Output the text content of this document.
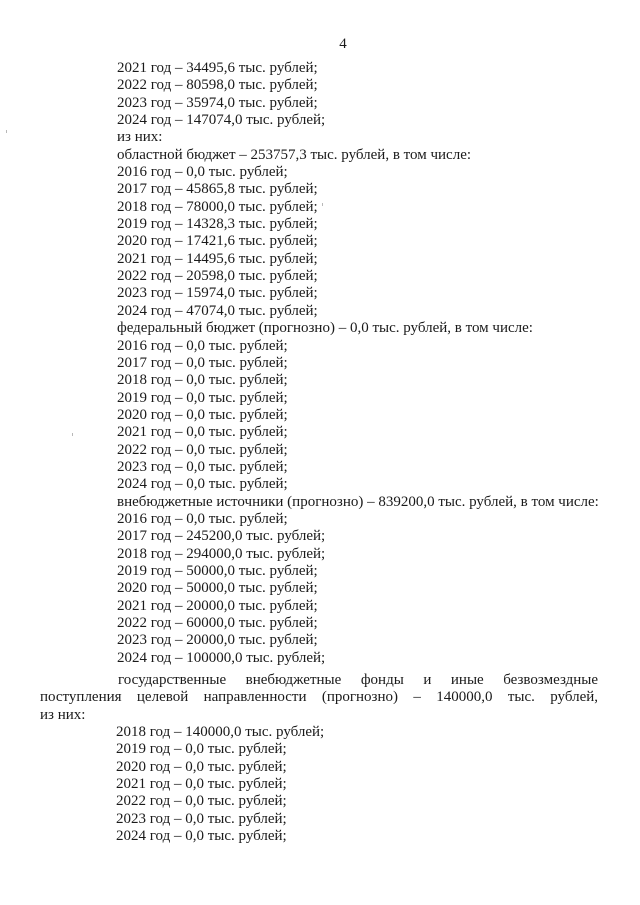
4
2021 год – 34495,6 тыс. рублей;
2022 год – 80598,0 тыс. рублей;
2023 год – 35974,0 тыс. рублей;
2024 год – 147074,0 тыс. рублей;
из них:
областной бюджет – 253757,3 тыс. рублей, в том числе:
2016 год – 0,0 тыс. рублей;
2017 год – 45865,8 тыс. рублей;
2018 год – 78000,0 тыс. рублей;
2019 год – 14328,3 тыс. рублей;
2020 год – 17421,6 тыс. рублей;
2021 год – 14495,6 тыс. рублей;
2022 год – 20598,0 тыс. рублей;
2023 год – 15974,0 тыс. рублей;
2024 год – 47074,0 тыс. рублей;
федеральный бюджет (прогнозно) – 0,0 тыс. рублей, в том числе:
2016 год – 0,0 тыс. рублей;
2017 год – 0,0 тыс. рублей;
2018 год – 0,0 тыс. рублей;
2019 год – 0,0 тыс. рублей;
2020 год – 0,0 тыс. рублей;
2021 год – 0,0 тыс. рублей;
2022 год – 0,0 тыс. рублей;
2023 год – 0,0 тыс. рублей;
2024 год – 0,0 тыс. рублей;
внебюджетные источники (прогнозно) – 839200,0 тыс. рублей, в том числе:
2016 год – 0,0 тыс. рублей;
2017 год – 245200,0 тыс. рублей;
2018 год – 294000,0 тыс. рублей;
2019 год – 50000,0 тыс. рублей;
2020 год – 50000,0 тыс. рублей;
2021 год – 20000,0 тыс. рублей;
2022 год – 60000,0 тыс. рублей;
2023 год – 20000,0 тыс. рублей;
2024 год – 100000,0 тыс. рублей;
государственные внебюджетные фонды и иные безвозмездные
поступления целевой направленности (прогнозно) – 140000,0 тыс. рублей,
из них:
2018 год – 140000,0 тыс. рублей;
2019 год – 0,0 тыс. рублей;
2020 год – 0,0 тыс. рублей;
2021 год – 0,0 тыс. рублей;
2022 год – 0,0 тыс. рублей;
2023 год – 0,0 тыс. рублей;
2024 год – 0,0 тыс. рублей;
